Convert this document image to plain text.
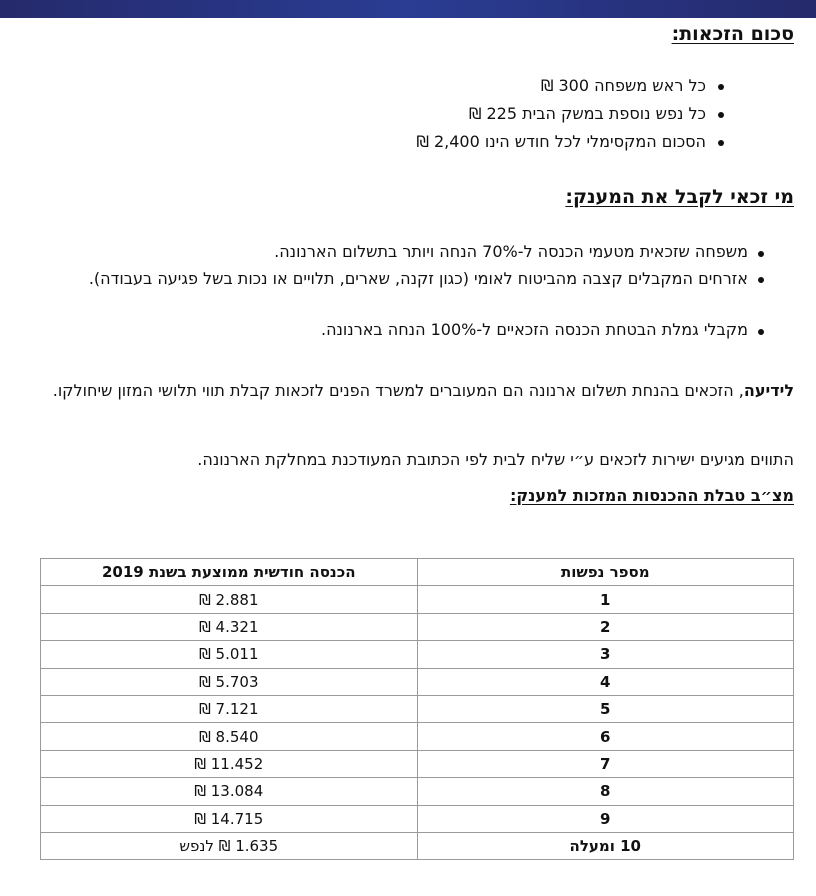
סכום הזכאות:
כל ראש משפחה 300 ₪
כל נפש נוספת במשק הבית 225 ₪
הסכום המקסימלי לכל חודש הינו 2,400 ₪
מי זכאי לקבל את המענק:
משפחה שזכאית מטעמי הכנסה ל-70% הנחה ויותר בתשלום הארנונה.
אזרחים המקבלים קצבה מהביטוח לאומי (כגון זקנה, שארים, תלויים או נכות בשל פגיעה בעבודה).
מקבלי גמלת הבטחת הכנסה הזכאיים ל-100% הנחה בארנונה.

לידיעה, הזכאים בהנחת תשלום ארנונה הם המעוברים למשרד הפנים לזכאות קבלת תווי תלושי המזון שיחולקו.

התווים מגיעים ישירות לזכאים ע״י שליח לבית לפי הכתובת המעודכנת במחלקת הארנונה.

מצ״ב טבלת ההכנסות המזכות למענק:
מספר נפשות	הכנסה חודשית ממוצעת בשנת 2019
1	2.881 ₪
2	4.321 ₪
3	5.011 ₪
4	5.703 ₪
5	7.121 ₪
6	8.540 ₪
7	11.452 ₪
8	13.084 ₪
9	14.715 ₪
10 ומעלה	1.635 ₪ לנפש
